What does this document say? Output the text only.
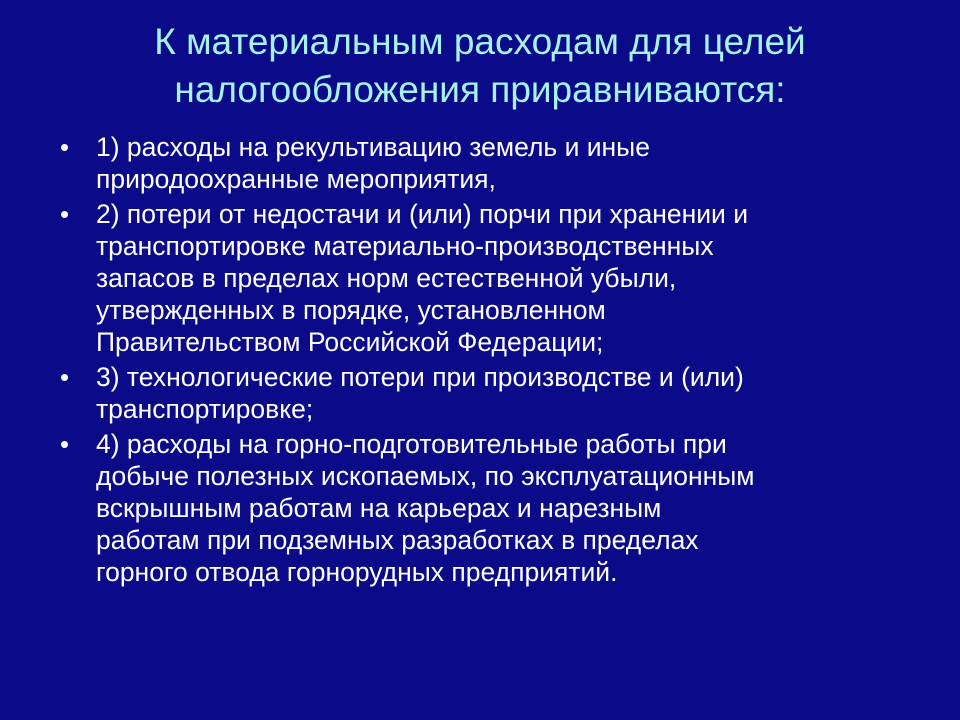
К материальным расходам для целей
налогообложения приравниваются:
• 1) расходы на рекультивацию земель и иные
природоохранные мероприятия,
• 2) потери от недостачи и (или) порчи при хранении и
транспортировке материально-производственных
запасов в пределах норм естественной убыли,
утвержденных в порядке, установленном
Правительством Российской Федерации;
• 3) технологические потери при производстве и (или)
транспортировке;
• 4) расходы на горно-подготовительные работы при
добыче полезных ископаемых, по эксплуатационным
вскрышным работам на карьерах и нарезным
работам при подземных разработках в пределах
горного отвода горнорудных предприятий.
